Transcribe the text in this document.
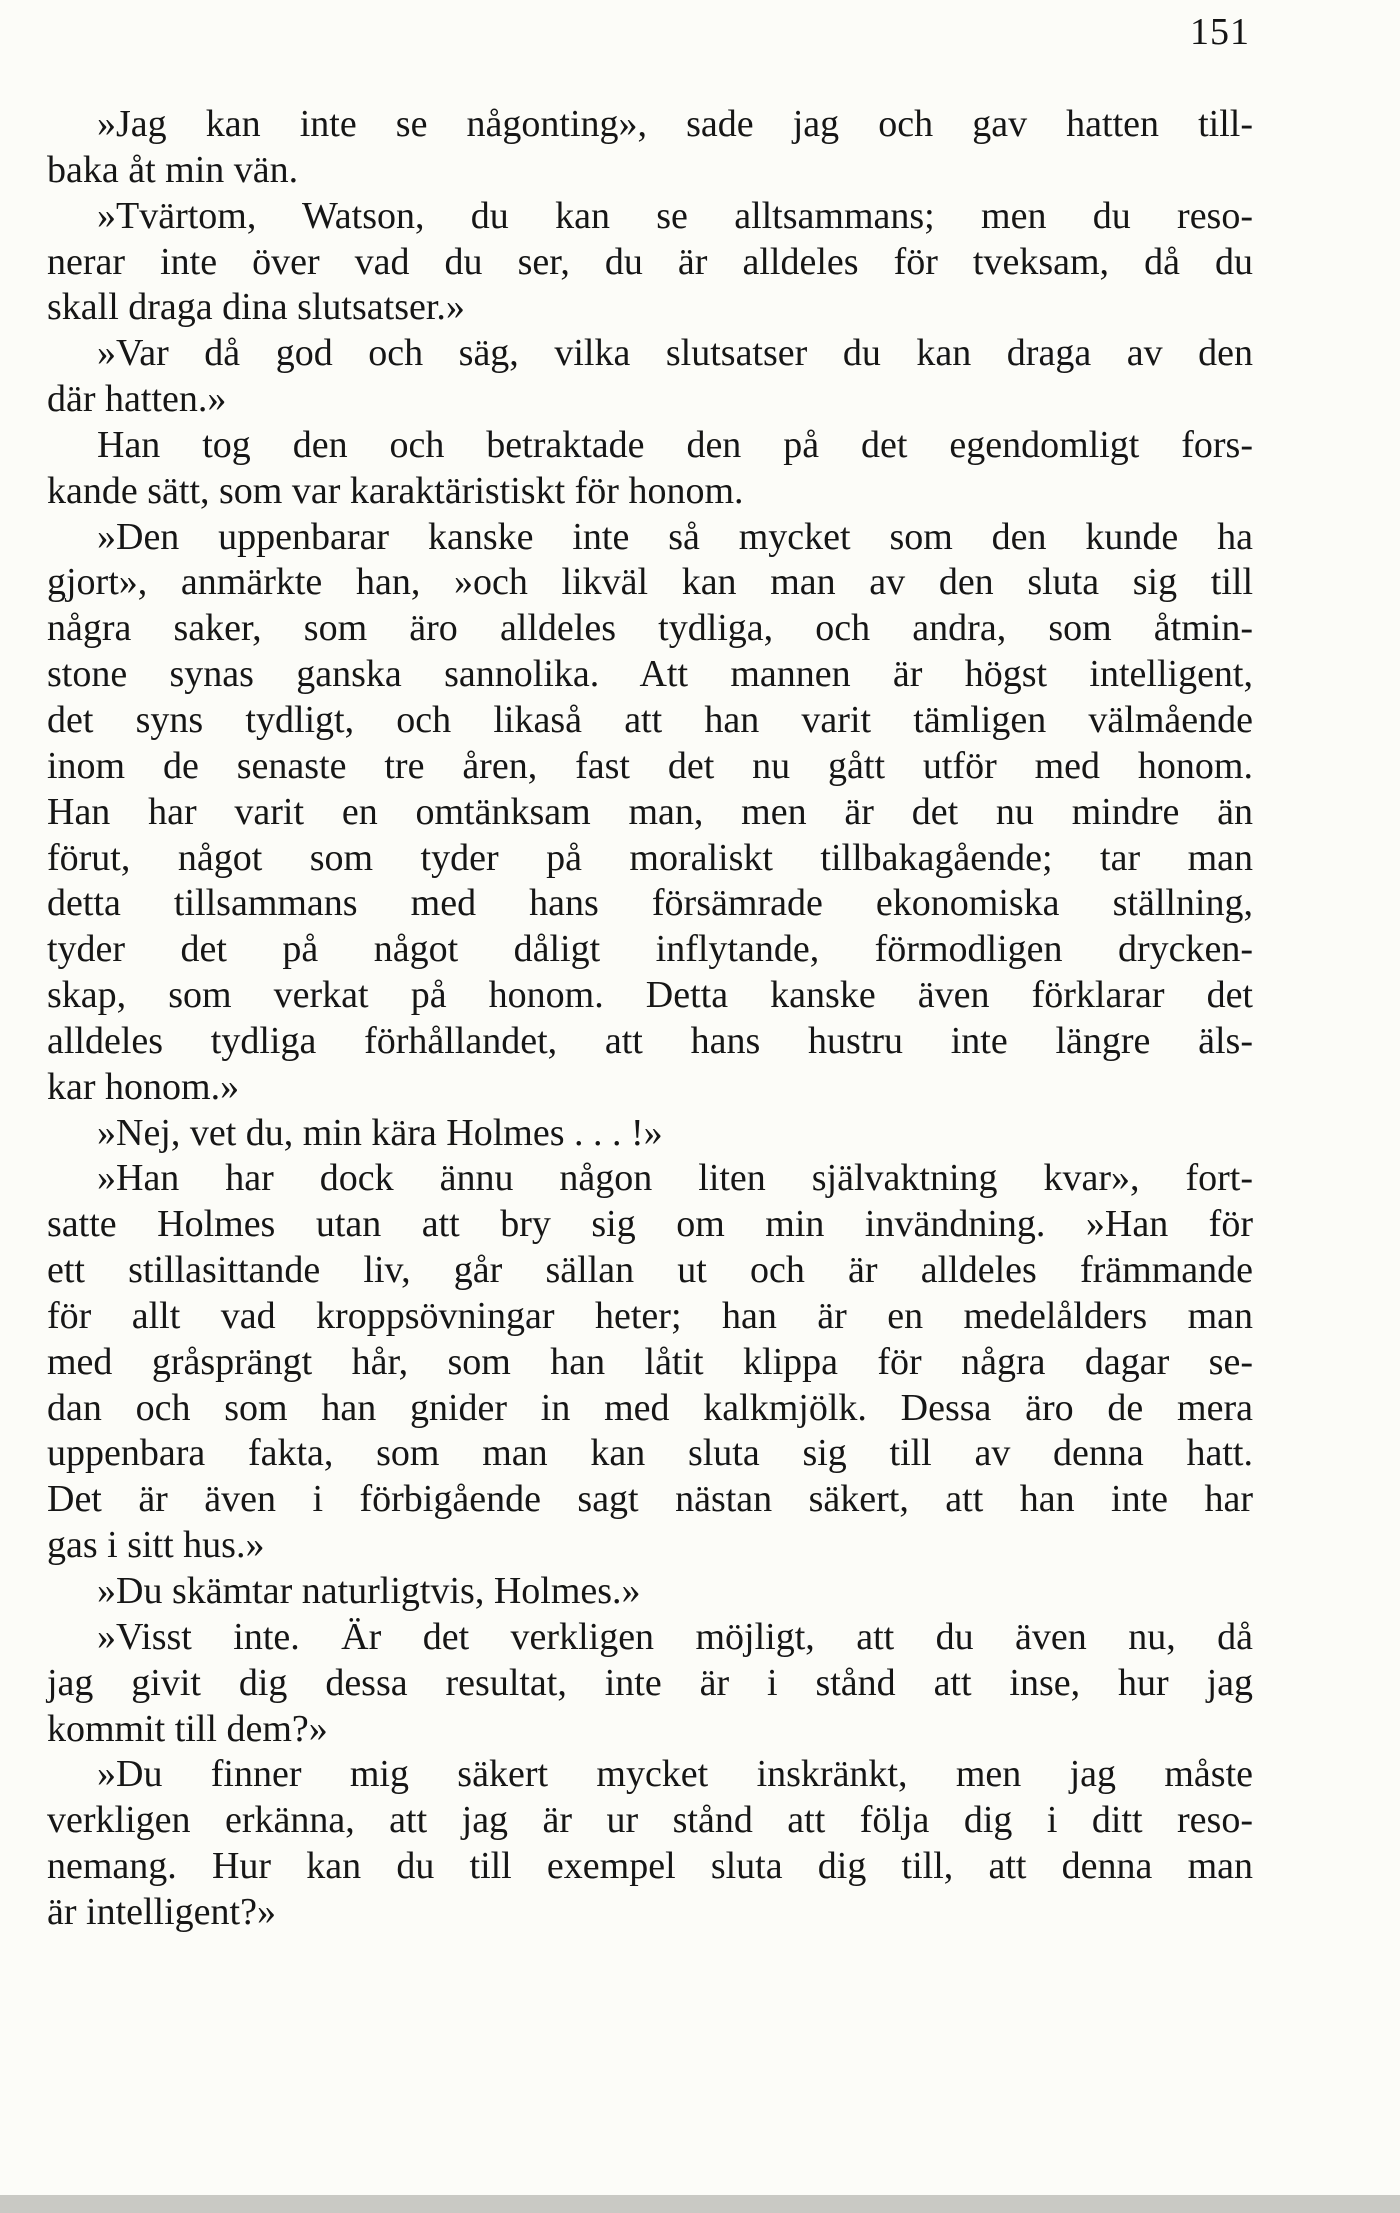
151
»Jag kan inte se någonting», sade jag och gav hatten till-
baka åt min vän.
»Tvärtom, Watson, du kan se alltsammans; men du reso-
nerar inte över vad du ser, du är alldeles för tveksam, då du
skall draga dina slutsatser.»
»Var då god och säg, vilka slutsatser du kan draga av den
där hatten.»
Han tog den och betraktade den på det egendomligt fors-
kande sätt, som var karaktäristiskt för honom.
»Den uppenbarar kanske inte så mycket som den kunde ha
gjort», anmärkte han, »och likväl kan man av den sluta sig till
några saker, som äro alldeles tydliga, och andra, som åtmin-
stone synas ganska sannolika. Att mannen är högst intelligent,
det syns tydligt, och likaså att han varit tämligen välmående
inom de senaste tre åren, fast det nu gått utför med honom.
Han har varit en omtänksam man, men är det nu mindre än
förut, något som tyder på moraliskt tillbakagående; tar man
detta tillsammans med hans försämrade ekonomiska ställning,
tyder det på något dåligt inflytande, förmodligen drycken-
skap, som verkat på honom. Detta kanske även förklarar det
alldeles tydliga förhållandet, att hans hustru inte längre äls-
kar honom.»
»Nej, vet du, min kära Holmes . . . !»
»Han har dock ännu någon liten självaktning kvar», fort-
satte Holmes utan att bry sig om min invändning. »Han för
ett stillasittande liv, går sällan ut och är alldeles främmande
för allt vad kroppsövningar heter; han är en medelålders man
med gråsprängt hår, som han låtit klippa för några dagar se-
dan och som han gnider in med kalkmjölk. Dessa äro de mera
uppenbara fakta, som man kan sluta sig till av denna hatt.
Det är även i förbigående sagt nästan säkert, att han inte har
gas i sitt hus.»
»Du skämtar naturligtvis, Holmes.»
»Visst inte. Är det verkligen möjligt, att du även nu, då
jag givit dig dessa resultat, inte är i stånd att inse, hur jag
kommit till dem?»
»Du finner mig säkert mycket inskränkt, men jag måste
verkligen erkänna, att jag är ur stånd att följa dig i ditt reso-
nemang. Hur kan du till exempel sluta dig till, att denna man
är intelligent?»
